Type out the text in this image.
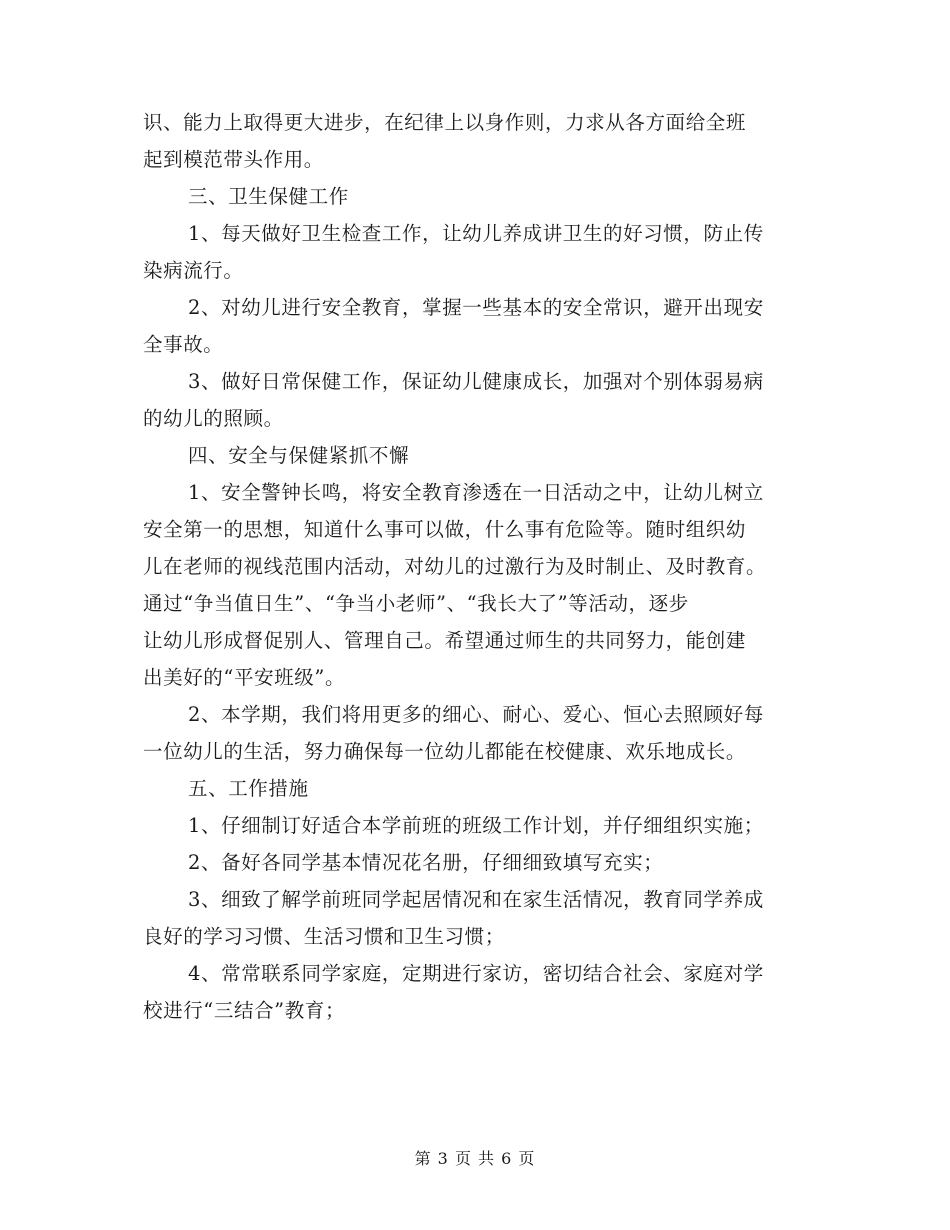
识、能力上取得更大进步，在纪律上以身作则，力求从各方面给全班
起到模范带头作用。
三、卫生保健工作
1、每天做好卫生检查工作，让幼儿养成讲卫生的好习惯，防止传
染病流行。
2、对幼儿进行安全教育，掌握一些基本的安全常识，避开出现安
全事故。
3、做好日常保健工作，保证幼儿健康成长，加强对个别体弱易病
的幼儿的照顾。
四、安全与保健紧抓不懈
1、安全警钟长鸣，将安全教育渗透在一日活动之中，让幼儿树立
安全第一的思想，知道什么事可以做，什么事有危险等。随时组织幼
儿在老师的视线范围内活动，对幼儿的过激行为及时制止、及时教育。
通过“争当值日生”、“争当小老师”、“我长大了”等活动，逐步
让幼儿形成督促别人、管理自己。希望通过师生的共同努力，能创建
出美好的“平安班级”。
2、本学期，我们将用更多的细心、耐心、爱心、恒心去照顾好每
一位幼儿的生活，努力确保每一位幼儿都能在校健康、欢乐地成长。
五、工作措施
1、仔细制订好适合本学前班的班级工作计划，并仔细组织实施；
2、备好各同学基本情况花名册，仔细细致填写充实；
3、细致了解学前班同学起居情况和在家生活情况，教育同学养成
良好的学习习惯、生活习惯和卫生习惯；
4、常常联系同学家庭，定期进行家访，密切结合社会、家庭对学
校进行“三结合”教育；
第 3 页 共 6 页
